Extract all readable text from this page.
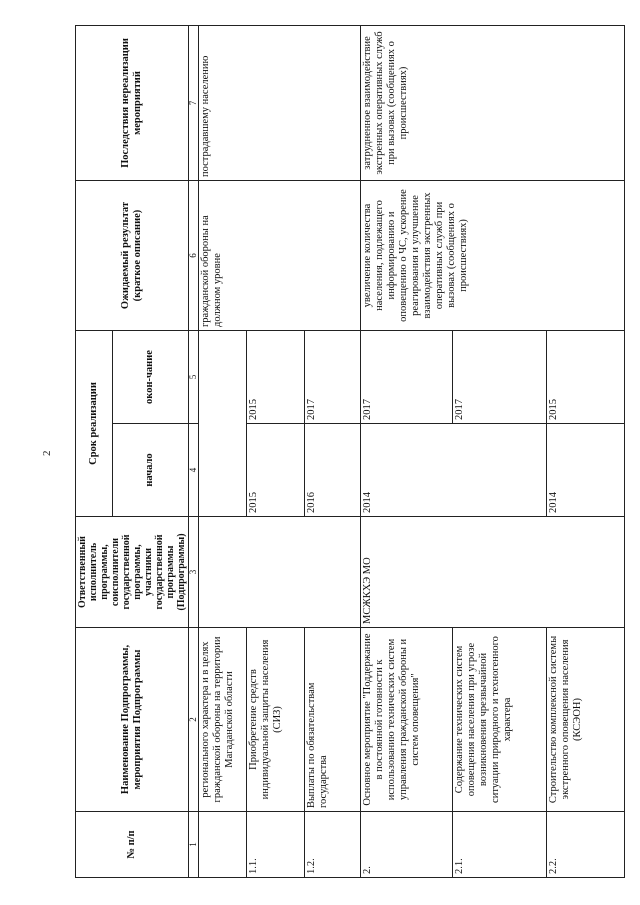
2
№ п/п	Наименование Подпрограммы, мероприятия Подпрограммы	Ответственный исполнитель программы, соисполнители государственной программы, участники государственной программы (Подпрограммы)	Срок реализации		Ожидаемый результат (краткое описание)	Последствия нереализации мероприятий
			начало	окон-чание		
1	2	3	4	5	6	7
	регионального характера и в целях гражданской обороны на территории Магаданской области				гражданской обороны на должном уровне	пострадавшему населению
1.1.	Приобретение средств индивидуальной защиты населения (СИЗ)		2015	2015		
1.2.	Выплаты по обязательствам государства		2016	2017		
2.	Основное мероприятие "Поддержание в постоянной готовности к использованию технических систем управления гражданской обороны и систем оповещения"	МСЖКХЭ МО	2014	2017	увеличение количества населения, подлежащего информированию и оповещению о ЧС, ускорение реагирования и улучшение взаимодействия экстренных оперативных служб при вызовах (сообщениях о происшествиях)	затрудненное взаимодействие экстренных оперативных служб при вызовах (сообщениях о происшествиях)
2.1.	Содержание технических систем оповещения населения при угрозе возникновения чрезвычайной ситуации природного и техногенного характера			2017		
2.2.	Строительство комплексной системы экстренного оповещения населения (КСЭОН)		2014	2015		
